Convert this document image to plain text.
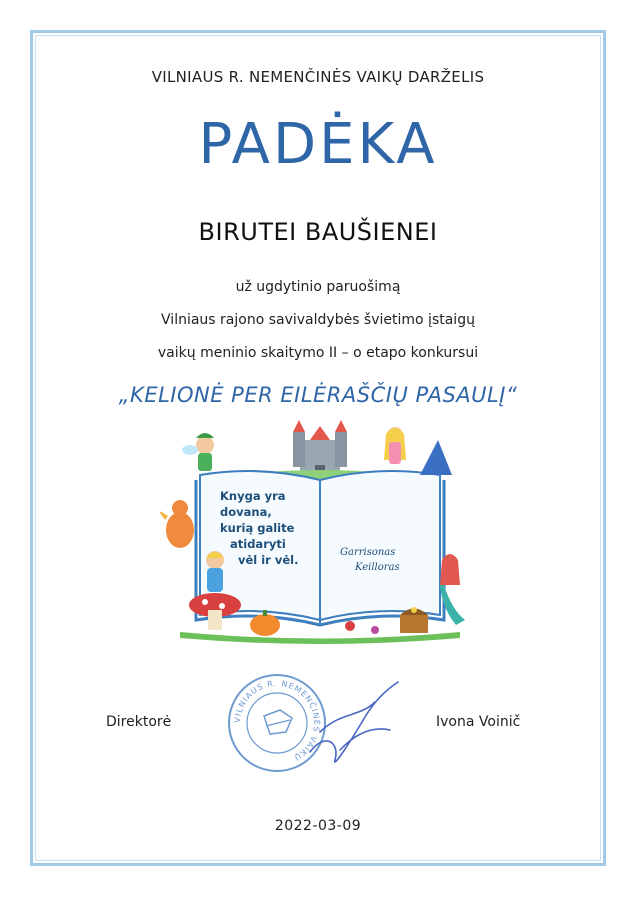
VILNIAUS R. NEMENČINĖS VAIKŲ DARŽELIS
PADĖKA
BIRUTEI BAUŠIENEI
už ugdytinio paruošimą
Vilniaus rajono savivaldybės švietimo įstaigų
vaikų meninio skaitymo II – o etapo konkursui
„KELIONĖ PER EILĖRAŠČIŲ PASAULĮ“
Knyga yra
dovana,
kurią galite
atidaryti
vėl ir vėl.
Garrisonas
Keilloras
Direktorė	VILNIAUS R. NEMENČINĖS VAIKŲ
Ivona Voinič
2022-03-09
